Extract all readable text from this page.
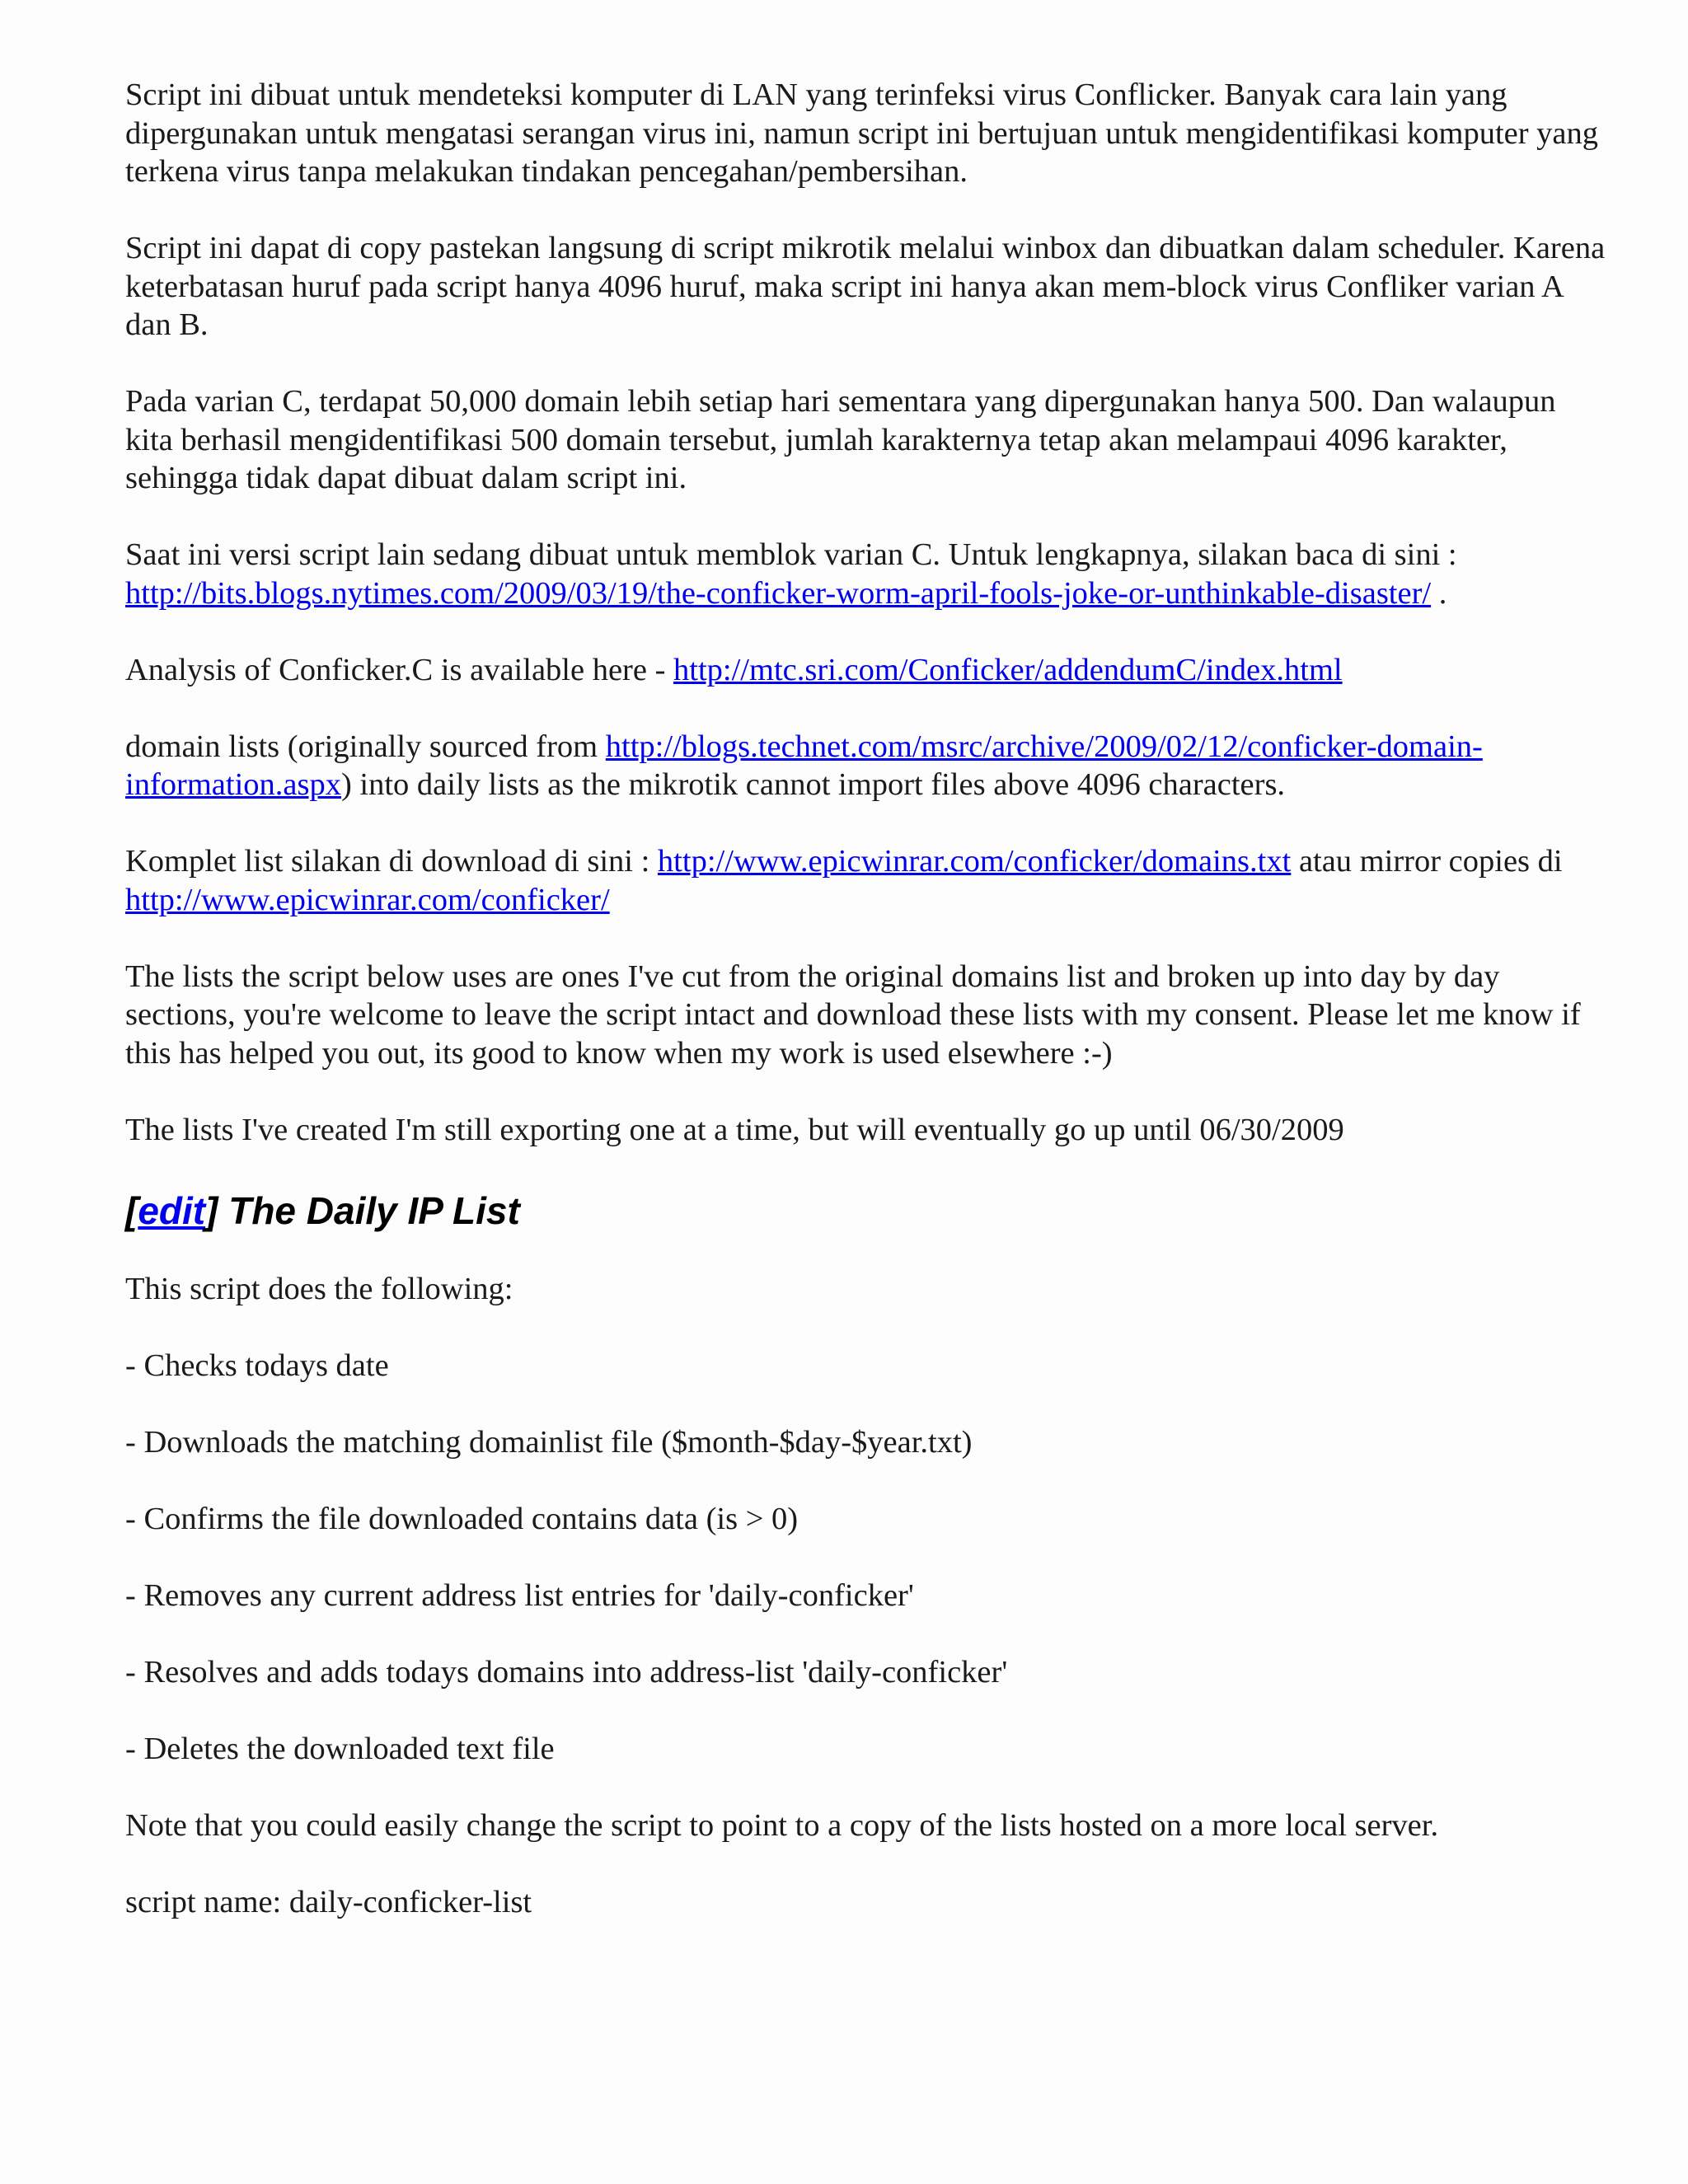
Script ini dibuat untuk mendeteksi komputer di LAN yang terinfeksi virus Conflicker. Banyak cara lain yang dipergunakan untuk mengatasi serangan virus ini, namun script ini bertujuan untuk mengidentifikasi komputer yang terkena virus tanpa melakukan tindakan pencegahan/pembersihan.

Script ini dapat di copy pastekan langsung di script mikrotik melalui winbox dan dibuatkan dalam scheduler. Karena keterbatasan huruf pada script hanya 4096 huruf, maka script ini hanya akan mem-block virus Confliker varian A dan B.

Pada varian C, terdapat 50,000 domain lebih setiap hari sementara yang dipergunakan hanya 500. Dan walaupun kita berhasil mengidentifikasi 500 domain tersebut, jumlah karakternya tetap akan melampaui 4096 karakter, sehingga tidak dapat dibuat dalam script ini.

Saat ini versi script lain sedang dibuat untuk memblok varian C. Untuk lengkapnya, silakan baca di sini : http://bits.blogs.nytimes.com/2009/03/19/the-conficker-worm-april-fools-joke-or-unthinkable-disaster/ .

Analysis of Conficker.C is available here - http://mtc.sri.com/Conficker/addendumC/index.html

domain lists (originally sourced from http://blogs.technet.com/msrc/archive/2009/02/12/conficker-domain-information.aspx) into daily lists as the mikrotik cannot import files above 4096 characters.

Komplet list silakan di download di sini : http://www.epicwinrar.com/conficker/domains.txt atau mirror copies di http://www.epicwinrar.com/conficker/

The lists the script below uses are ones I've cut from the original domains list and broken up into day by day sections, you're welcome to leave the script intact and download these lists with my consent. Please let me know if this has helped you out, its good to know when my work is used elsewhere :-)

The lists I've created I'm still exporting one at a time, but will eventually go up until 06/30/2009

[edit] The Daily IP List

This script does the following:

- Checks todays date

- Downloads the matching domainlist file ($month-$day-$year.txt)

- Confirms the file downloaded contains data (is > 0)

- Removes any current address list entries for 'daily-conficker'

- Resolves and adds todays domains into address-list 'daily-conficker'

- Deletes the downloaded text file

Note that you could easily change the script to point to a copy of the lists hosted on a more local server.

script name: daily-conficker-list
